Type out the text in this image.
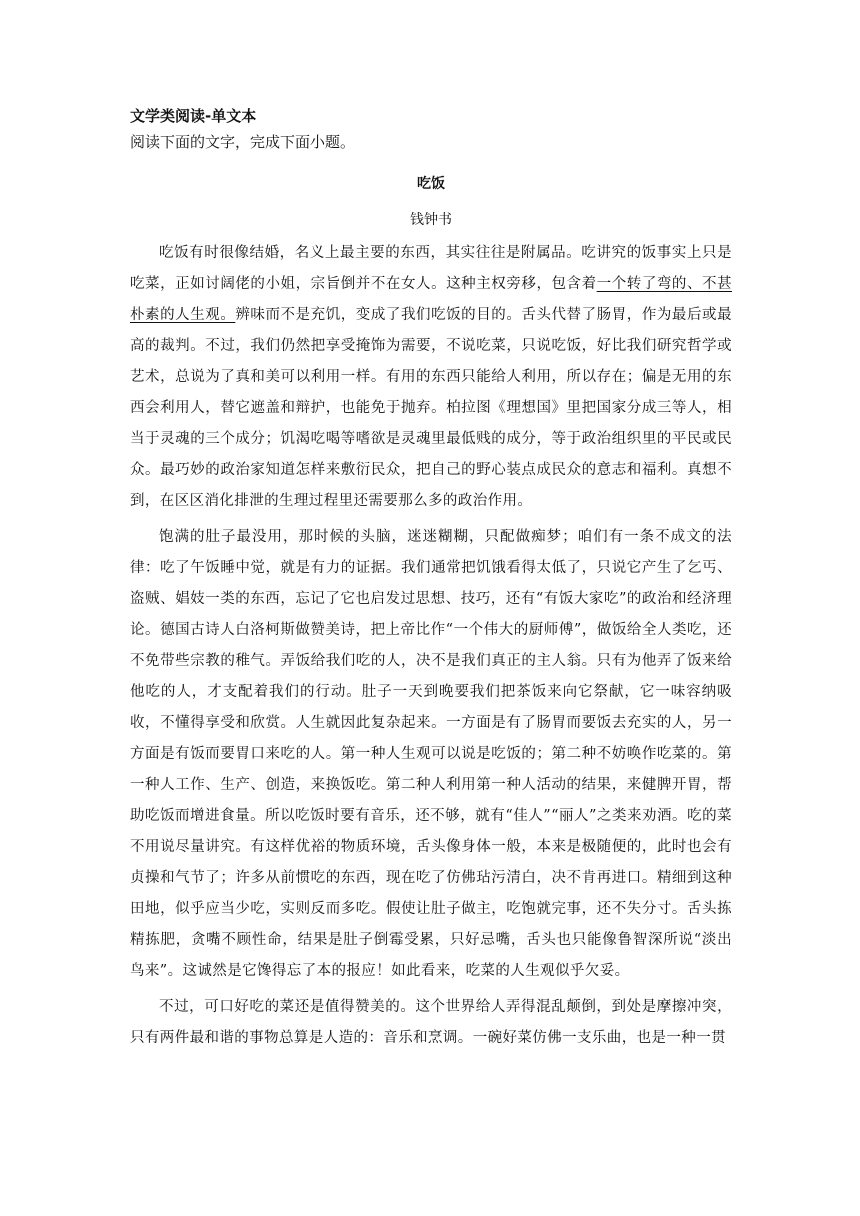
文学类阅读-单文本

阅读下面的文字，完成下面小题。

吃饭

钱钟书

吃饭有时很像结婚，名义上最主要的东西，其实往往是附属品。吃讲究的饭事实上只是吃菜，正如讨阔佬的小姐，宗旨倒并不在女人。这种主权旁移，包含着一个转了弯的、不甚朴素的人生观。辨味而不是充饥，变成了我们吃饭的目的。舌头代替了肠胃，作为最后或最高的裁判。不过，我们仍然把享受掩饰为需要，不说吃菜，只说吃饭，好比我们研究哲学或艺术，总说为了真和美可以利用一样。有用的东西只能给人利用，所以存在；偏是无用的东西会利用人，替它遮盖和辩护，也能免于抛弃。柏拉图《理想国》里把国家分成三等人，相当于灵魂的三个成分；饥渴吃喝等嗜欲是灵魂里最低贱的成分，等于政治组织里的平民或民众。最巧妙的政治家知道怎样来敷衍民众，把自己的野心装点成民众的意志和福利。真想不到，在区区消化排泄的生理过程里还需要那么多的政治作用。

饱满的肚子最没用，那时候的头脑，迷迷糊糊，只配做痴梦；咱们有一条不成文的法律：吃了午饭睡中觉，就是有力的证据。我们通常把饥饿看得太低了，只说它产生了乞丐、盗贼、娼妓一类的东西，忘记了它也启发过思想、技巧，还有“有饭大家吃”的政治和经济理论。德国古诗人白洛柯斯做赞美诗，把上帝比作“一个伟大的厨师傅”，做饭给全人类吃，还不免带些宗教的稚气。弄饭给我们吃的人，决不是我们真正的主人翁。只有为他弄了饭来给他吃的人，才支配着我们的行动。肚子一天到晚要我们把茶饭来向它祭献，它一味容纳吸收，不懂得享受和欣赏。人生就因此复杂起来。一方面是有了肠胃而要饭去充实的人，另一方面是有饭而要胃口来吃的人。第一种人生观可以说是吃饭的；第二种不妨唤作吃菜的。第一种人工作、生产、创造，来换饭吃。第二种人利用第一种人活动的结果，来健脾开胃，帮助吃饭而增进食量。所以吃饭时要有音乐，还不够，就有“佳人”“丽人”之类来劝酒。吃的菜不用说尽量讲究。有这样优裕的物质环境，舌头像身体一般，本来是极随便的，此时也会有贞操和气节了；许多从前惯吃的东西，现在吃了仿佛玷污清白，决不肯再进口。精细到这种田地，似乎应当少吃，实则反而多吃。假使让肚子做主，吃饱就完事，还不失分寸。舌头拣精拣肥，贪嘴不顾性命，结果是肚子倒霉受累，只好忌嘴，舌头也只能像鲁智深所说“淡出鸟来”。这诚然是它馋得忘了本的报应！如此看来，吃菜的人生观似乎欠妥。

不过，可口好吃的菜还是值得赞美的。这个世界给人弄得混乱颠倒，到处是摩擦冲突，只有两件最和谐的事物总算是人造的：音乐和烹调。一碗好菜仿佛一支乐曲，也是一种一贯
